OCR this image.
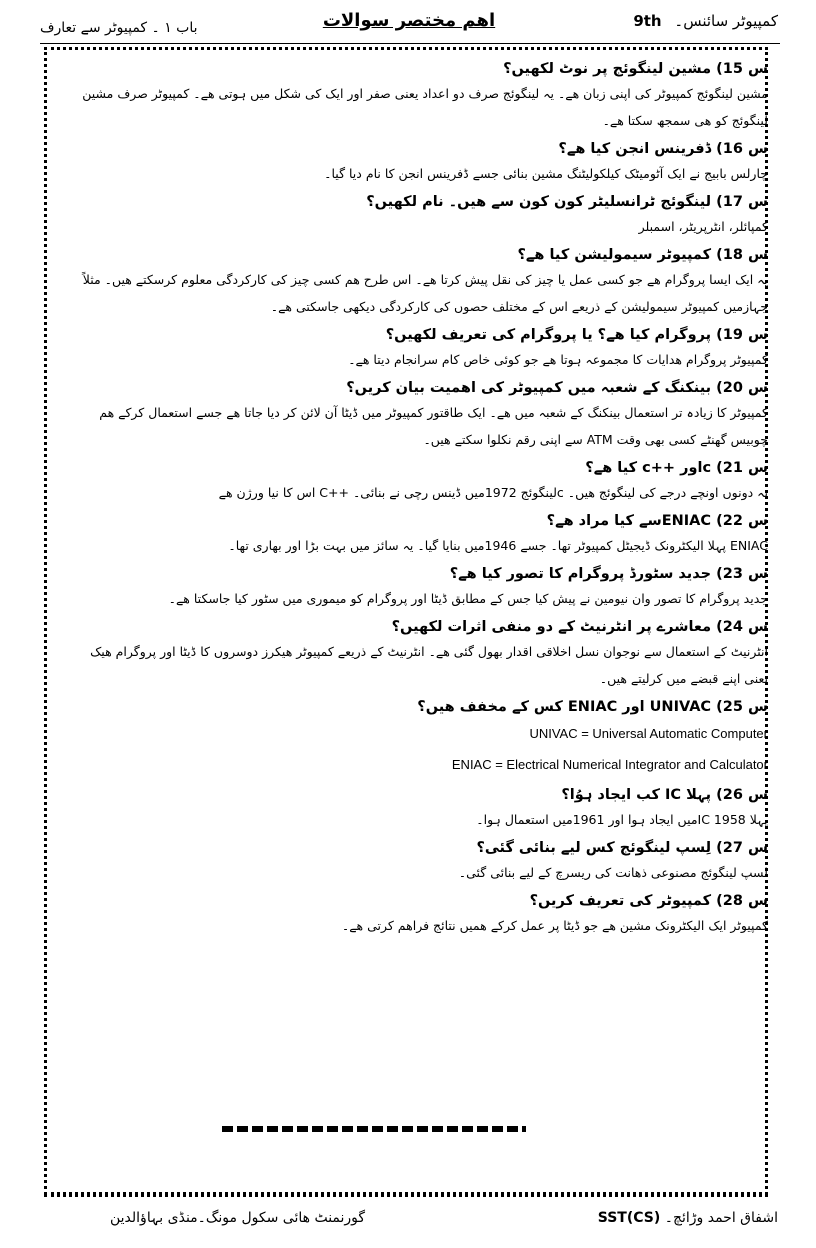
کمپیوٹر سائنس۔ 9th
اھم مختصر سوالات
باب ۱ ۔ کمپیوٹر سے تعارف
س 15) مشین لینگوئج پر نوٹ لکھیں؟
مشین لینگوئج کمپیوٹر کی اپنی زبان ھے۔ یہ لینگوئج صرف دو اعداد یعنی صفر اور ایک کی شکل میں ہوتی ھے۔ کمپیوٹر صرف مشین
لینگوئج کو ھی سمجھ سکتا ھے۔
س 16) ڈفرینس انجن کیا ھے؟
چارلس بابیج نے ایک آٹومیٹک کیلکولیٹنگ مشین بنائی جسے ڈفرینس انجن کا نام دیا گیا۔
س 17) لینگوئج ٹرانسلیٹر کون کون سے ھیں۔ نام لکھیں؟
کمپائلر، انٹرپریٹر، اسمبلر
س 18) کمپیوٹر سیمولیشن کیا ھے؟
یہ ایک ایسا پروگرام ھے جو کسی عمل یا چیز کی نقل پیش کرتا ھے۔ اس طرح ھم کسی چیز کی کارکردگی معلوم کرسکتے ھیں۔ مثلاً
جہازمیں کمپیوٹر سیمولیشن کے ذریعے اس کے مختلف حصوں کی کارکردگی دیکھی جاسکتی ھے۔
س 19) پروگرام کیا ھے؟ یا پروگرام کی تعریف لکھیں؟
کمپیوٹر پروگرام ھدایات کا مجموعہ ہوتا ھے جو کوئی خاص کام سرانجام دیتا ھے۔
س 20) بینکنگ کے شعبہ میں کمپیوٹر کی اھمیت بیان کریں؟
کمپیوٹر کا زیادہ تر استعمال بینکنگ کے شعبہ میں ھے۔ ایک طاقتور کمپیوٹر میں ڈیٹا آن لائن کر دیا جاتا ھے جسے استعمال کرکے ھم
چوبیس گھنٹے کسی بھی وقت ATM سے اپنی رقم نکلوا سکتے ھیں۔
س 21) cاور ++c کیا ھے؟
یہ دونوں اونچے درجے کی لینگوئج ھیں۔ cلینگوئج 1972میں ڈینس رچی نے بنائی۔ ++C اس کا نیا ورژن ھے
س 22) ENIACسے کیا مراد ھے؟
ENIAC پہلا الیکٹرونک ڈیجیٹل کمپیوٹر تھا۔ جسے 1946میں بنایا گیا۔ یہ سائز میں بہت بڑا اور بھاری تھا۔
س 23) جدید سٹورڈ پروگرام کا تصور کیا ھے؟
جدید پروگرام کا تصور وان نیومین نے پیش کیا جس کے مطابق ڈیٹا اور پروگرام کو میموری میں سٹور کیا جاسکتا ھے۔
س 24) معاشرے پر انٹرنیٹ کے دو منفی اثرات لکھیں؟
انٹرنیٹ کے استعمال سے نوجوان نسل اخلاقی اقدار بھول گئی ھے۔ انٹرنیٹ کے ذریعے کمپیوٹر ھیکرز دوسروں کا ڈیٹا اور پروگرام ھیک
یعنی اپنے قبضے میں کرلیتے ھیں۔
س 25) UNIVAC اور ENIAC کس کے مخفف ھیں؟
UNIVAC = Universal Automatic Computer
ENIAC = Electrical Numerical Integrator and Calculator
س 26) پہلا IC کب ایجاد ہوُا؟
پہلا IC 1958میں ایجاد ہوا اور 1961میں استعمال ہوا۔
س 27) لِسپ لینگوئج کس لیے بنائی گئی؟
لسپ لینگوئج مصنوعی ذھانت کی ریسرچ کے لیے بنائی گئی۔
س 28) کمپیوٹر کی تعریف کریں؟
کمپیوٹر ایک الیکٹرونک مشین ھے جو ڈیٹا پر عمل کرکے ھمیں نتائج فراھم کرتی ھے۔
اشفاق احمد وڑائچ۔ SST(CS)
گورنمنٹ ھائی سکول مونگ۔منڈی بہاؤالدین
